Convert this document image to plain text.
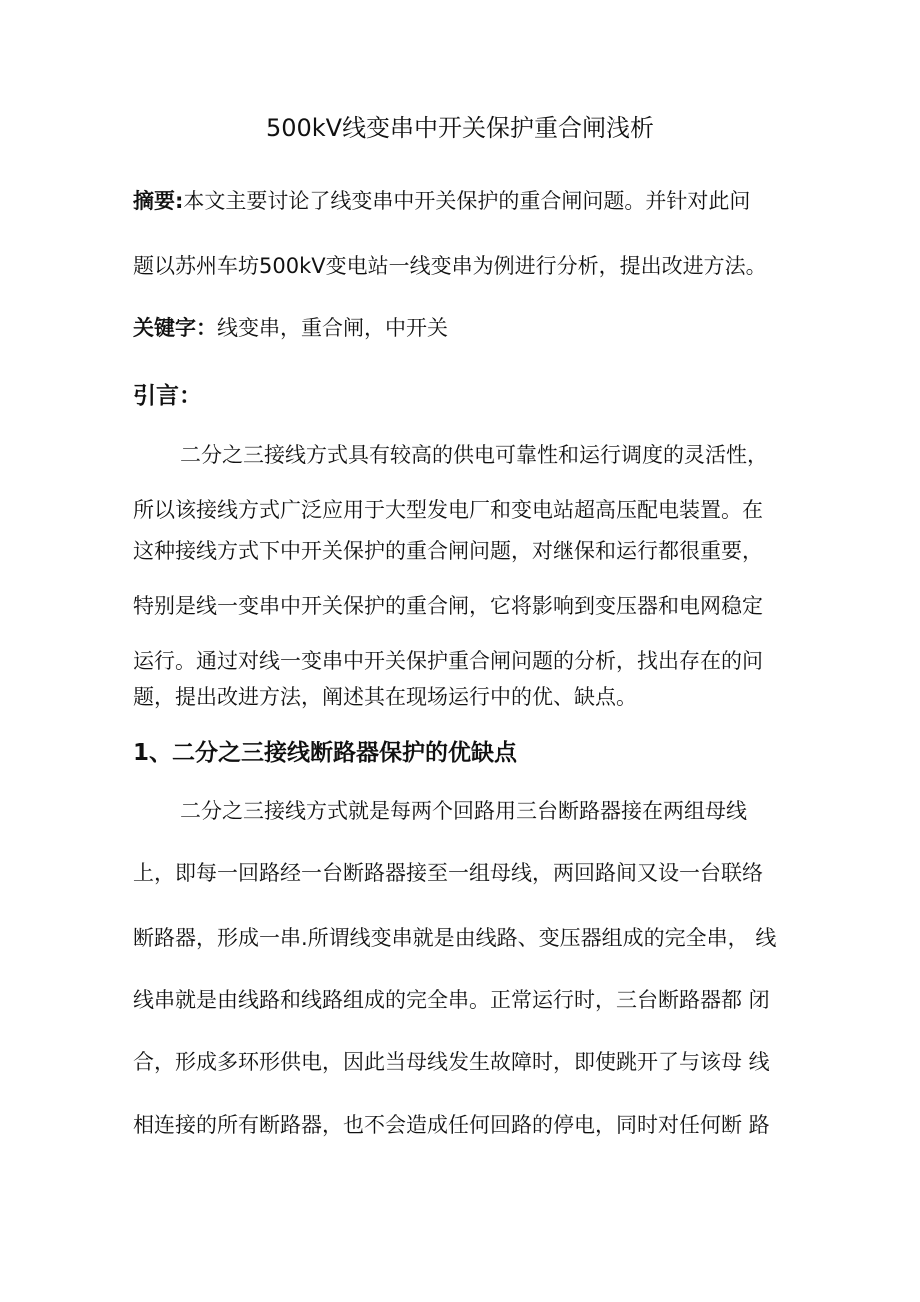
500kV线变串中开关保护重合闸浅析
摘要:本文主要讨论了线变串中开关保护的重合闸问题。并针对此问
题以苏州车坊500kV变电站一线变串为例进行分析，提出改进方法。
关键字：线变串，重合闸，中开关
引言：
二分之三接线方式具有较高的供电可靠性和运行调度的灵活性，
所以该接线方式广泛应用于大型发电厂和变电站超高压配电装置。在
这种接线方式下中开关保护的重合闸问题，对继保和运行都很重要，
特别是线一变串中开关保护的重合闸，它将影响到变压器和电网稳定
运行。通过对线一变串中开关保护重合闸问题的分析，找出存在的问
题，提出改进方法，阐述其在现场运行中的优、缺点。
1、二分之三接线断路器保护的优缺点
二分之三接线方式就是每两个回路用三台断路器接在两组母线
上，即每一回路经一台断路器接至一组母线，两回路间又设一台联络
断路器，形成一串.所谓线变串就是由线路、变压器组成的完全串， 线
线串就是由线路和线路组成的完全串。正常运行时，三台断路器都 闭
合，形成多环形供电，因此当母线发生故障时，即使跳开了与该母 线
相连接的所有断路器，也不会造成任何回路的停电，同时对任何断 路
